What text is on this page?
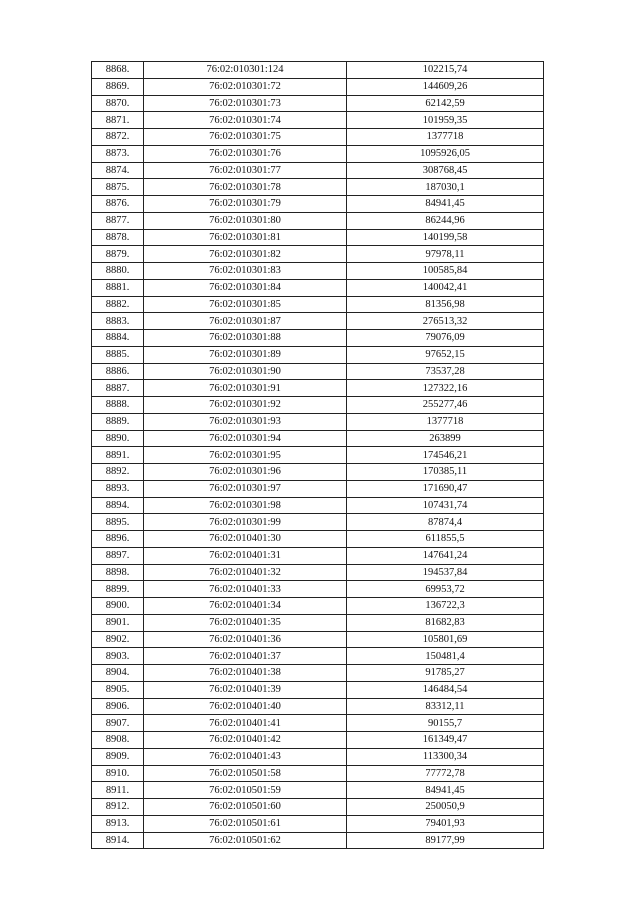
8868.	76:02:010301:124	102215,74
8869.	76:02:010301:72	144609,26
8870.	76:02:010301:73	62142,59
8871.	76:02:010301:74	101959,35
8872.	76:02:010301:75	1377718
8873.	76:02:010301:76	1095926,05
8874.	76:02:010301:77	308768,45
8875.	76:02:010301:78	187030,1
8876.	76:02:010301:79	84941,45
8877.	76:02:010301:80	86244,96
8878.	76:02:010301:81	140199,58
8879.	76:02:010301:82	97978,11
8880.	76:02:010301:83	100585,84
8881.	76:02:010301:84	140042,41
8882.	76:02:010301:85	81356,98
8883.	76:02:010301:87	276513,32
8884.	76:02:010301:88	79076,09
8885.	76:02:010301:89	97652,15
8886.	76:02:010301:90	73537,28
8887.	76:02:010301:91	127322,16
8888.	76:02:010301:92	255277,46
8889.	76:02:010301:93	1377718
8890.	76:02:010301:94	263899
8891.	76:02:010301:95	174546,21
8892.	76:02:010301:96	170385,11
8893.	76:02:010301:97	171690,47
8894.	76:02:010301:98	107431,74
8895.	76:02:010301:99	87874,4
8896.	76:02:010401:30	611855,5
8897.	76:02:010401:31	147641,24
8898.	76:02:010401:32	194537,84
8899.	76:02:010401:33	69953,72
8900.	76:02:010401:34	136722,3
8901.	76:02:010401:35	81682,83
8902.	76:02:010401:36	105801,69
8903.	76:02:010401:37	150481,4
8904.	76:02:010401:38	91785,27
8905.	76:02:010401:39	146484,54
8906.	76:02:010401:40	83312,11
8907.	76:02:010401:41	90155,7
8908.	76:02:010401:42	161349,47
8909.	76:02:010401:43	113300,34
8910.	76:02:010501:58	77772,78
8911.	76:02:010501:59	84941,45
8912.	76:02:010501:60	250050,9
8913.	76:02:010501:61	79401,93
8914.	76:02:010501:62	89177,99
